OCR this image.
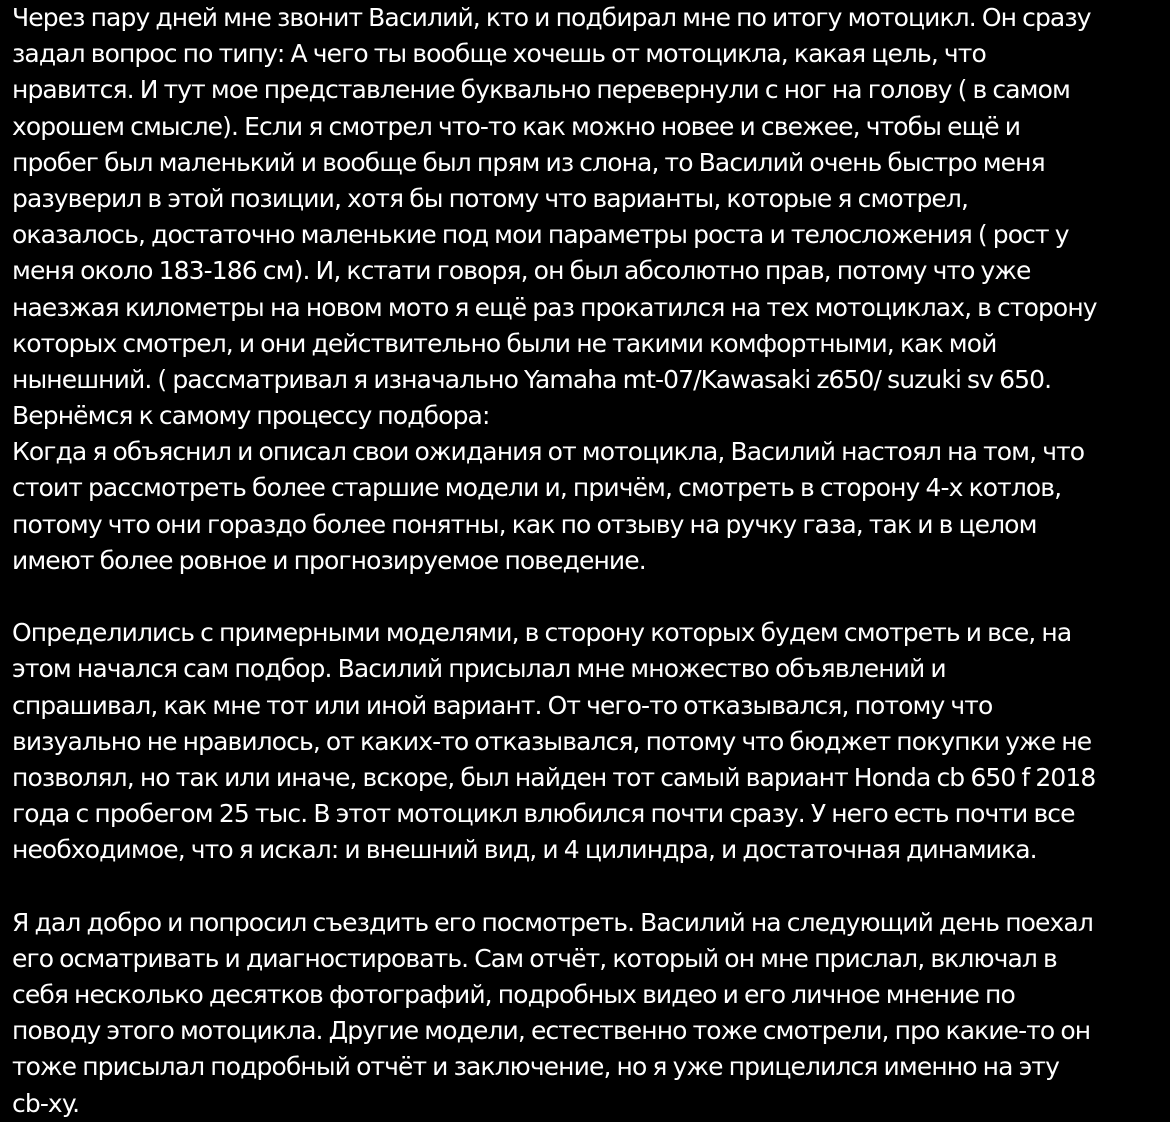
Через пару дней мне звонит Василий, кто и подбирал мне по итогу мотоцикл. Он сразу
задал вопрос по типу: А чего ты вообще хочешь от мотоцикла, какая цель, что
нравится. И тут мое представление буквально перевернули с ног на голову ( в самом
хорошем смысле). Если я смотрел что-то как можно новее и свежее, чтобы ещё и
пробег был маленький и вообще был прям из слона, то Василий очень быстро меня
разуверил в этой позиции, хотя бы потому что варианты, которые я смотрел,
оказалось, достаточно маленькие под мои параметры роста и телосложения ( рост у
меня около 183-186 см). И, кстати говоря, он был абсолютно прав, потому что уже
наезжая километры на новом мото я ещё раз прокатился на тех мотоциклах, в сторону
которых смотрел, и они действительно были не такими комфортными, как мой
нынешний. ( рассматривал я изначально Yamaha mt-07/Kawasaki z650/ suzuki sv 650.
Вернёмся к самому процессу подбора:
Когда я объяснил и описал свои ожидания от мотоцикла, Василий настоял на том, что
стоит рассмотреть более старшие модели и, причём, смотреть в сторону 4-х котлов,
потому что они гораздо более понятны, как по отзыву на ручку газа, так и в целом
имеют более ровное и прогнозируемое поведение.
Определились с примерными моделями, в сторону которых будем смотреть и все, на
этом начался сам подбор. Василий присылал мне множество объявлений и
спрашивал, как мне тот или иной вариант. От чего-то отказывался, потому что
визуально не нравилось, от каких-то отказывался, потому что бюджет покупки уже не
позволял, но так или иначе, вскоре, был найден тот самый вариант Honda cb 650 f 2018
года с пробегом 25 тыс. В этот мотоцикл влюбился почти сразу. У него есть почти все
необходимое, что я искал: и внешний вид, и 4 цилиндра, и достаточная динамика.
Я дал добро и попросил съездить его посмотреть. Василий на следующий день поехал
его осматривать и диагностировать. Сам отчёт, который он мне прислал, включал в
себя несколько десятков фотографий, подробных видео и его личное мнение по
поводу этого мотоцикла. Другие модели, естественно тоже смотрели, про какие-то он
тоже присылал подробный отчёт и заключение, но я уже прицелился именно на эту
cb-xy.
